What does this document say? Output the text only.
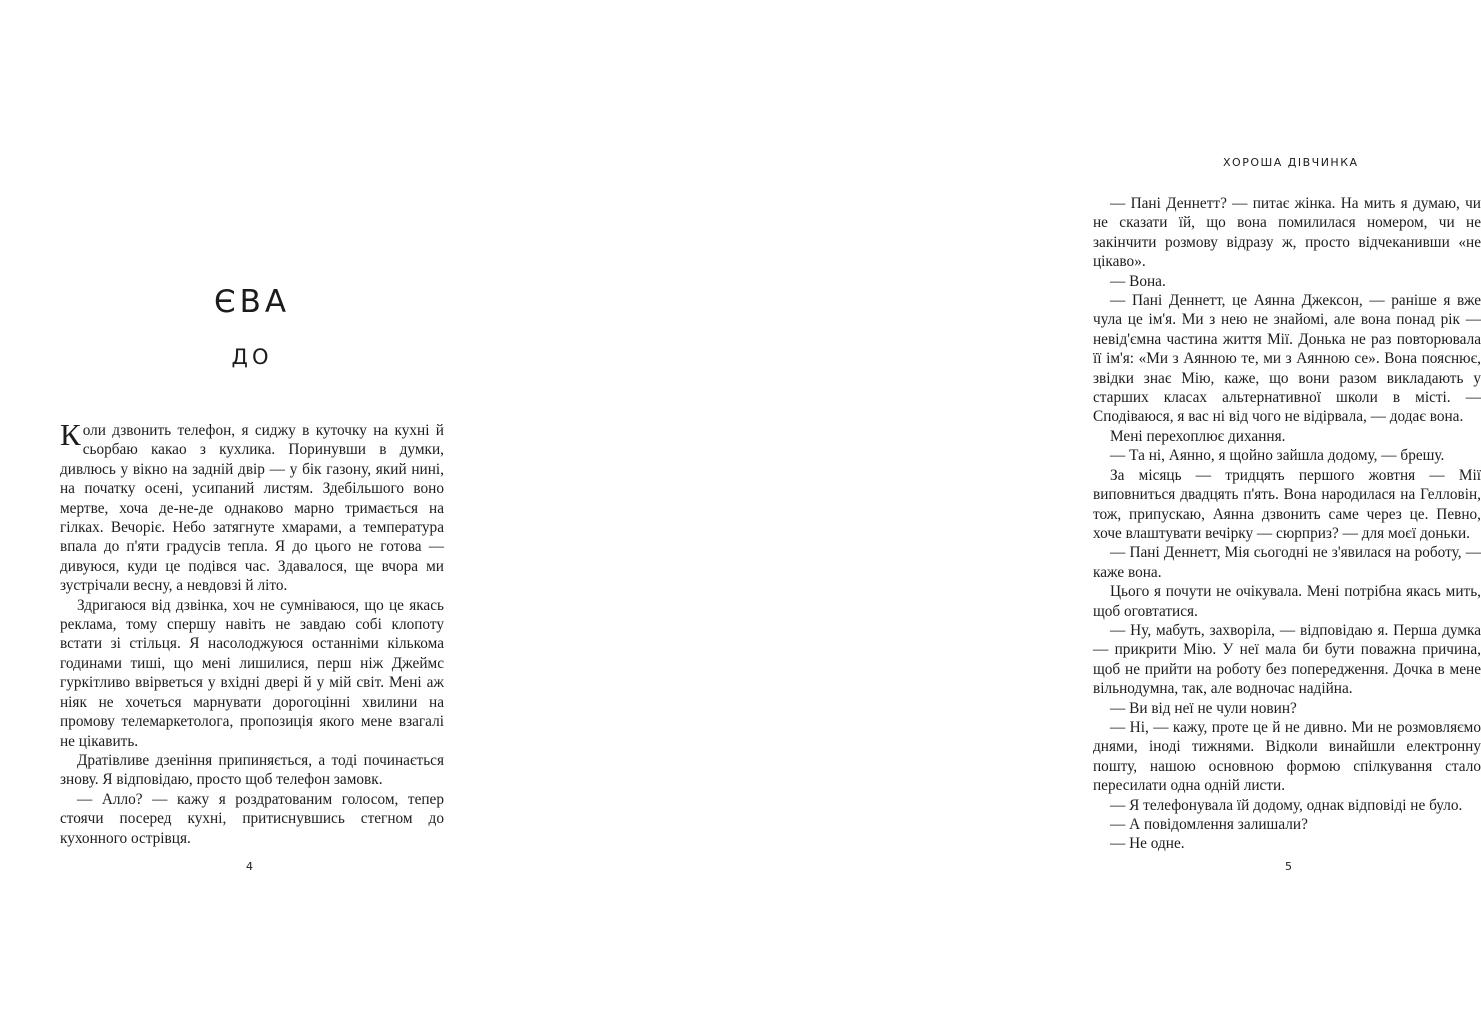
ЄВА
ДО

Коли дзвонить телефон, я сиджу в куточку на кухні й сьорбаю какао з кухлика. Поринувши в думки, дивлюсь у вікно на задній двір — у бік газону, який нині, на початку осені, усипаний листям. Здебільшого воно мертве, хоча де-не-де однаково марно тримається на гілках. Вечоріє. Небо затягнуте хмарами, а температура впала до п'яти градусів тепла. Я до цього не готова — дивуюся, куди це подівся час. Здавалося, ще вчора ми зустрічали весну, а невдовзі й літо.

Здригаюся від дзвінка, хоч не сумніваюся, що це якась реклама, тому спершу навіть не завдаю собі клопоту встати зі стільця. Я насолоджуюся останніми кількома годинами тиші, що мені лишилися, перш ніж Джеймс гуркітливо ввірветься у вхідні двері й у мій світ. Мені аж ніяк не хочеться марнувати дорогоцінні хвилини на промову телемаркетолога, пропозиція якого мене взагалі не цікавить.

Дратівливе дзеніння припиняється, а тоді починається знову. Я відповідаю, просто щоб телефон замовк.

— Алло? — кажу я роздратованим голосом, тепер стоячи посеред кухні, притиснувшись стегном до кухонного острівця.

4
ХОРОША ДІВЧИНКА

— Пані Деннетт? — питає жінка. На мить я думаю, чи не сказати їй, що вона помилилася номером, чи не закінчити розмову відразу ж, просто відчеканивши «не цікаво».

— Вона.

— Пані Деннетт, це Аянна Джексон, — раніше я вже чула це ім'я. Ми з нею не знайомі, але вона понад рік — невід'ємна частина життя Мії. Донька не раз повторювала її ім'я: «Ми з Аянною те, ми з Аянною се». Вона пояснює, звідки знає Мію, каже, що вони разом викладають у старших класах альтернативної школи в місті. — Сподіваюся, я вас ні від чого не відірвала, — додає вона.

Мені перехоплює дихання.

— Та ні, Аянно, я щойно зайшла додому, — брешу.

За місяць — тридцять першого жовтня — Мії виповниться двадцять п'ять. Вона народилася на Гелловін, тож, припускаю, Аянна дзвонить саме через це. Певно, хоче влаштувати вечірку — сюрприз? — для моєї доньки.

— Пані Деннетт, Мія сьогодні не з'явилася на роботу, — каже вона.

Цього я почути не очікувала. Мені потрібна якась мить, щоб оговтатися.

— Ну, мабуть, захворіла, — відповідаю я. Перша думка — прикрити Мію. У неї мала би бути поважна причина, щоб не прийти на роботу без попередження. Дочка в мене вільнодумна, так, але водночас надійна.

— Ви від неї не чули новин?

— Ні, — кажу, проте це й не дивно. Ми не розмовляємо днями, іноді тижнями. Відколи винайшли електронну пошту, нашою основною формою спілкування стало пересилати одна одній листи.

— Я телефонувала їй додому, однак відповіді не було.

— А повідомлення залишали?

— Не одне.

5
